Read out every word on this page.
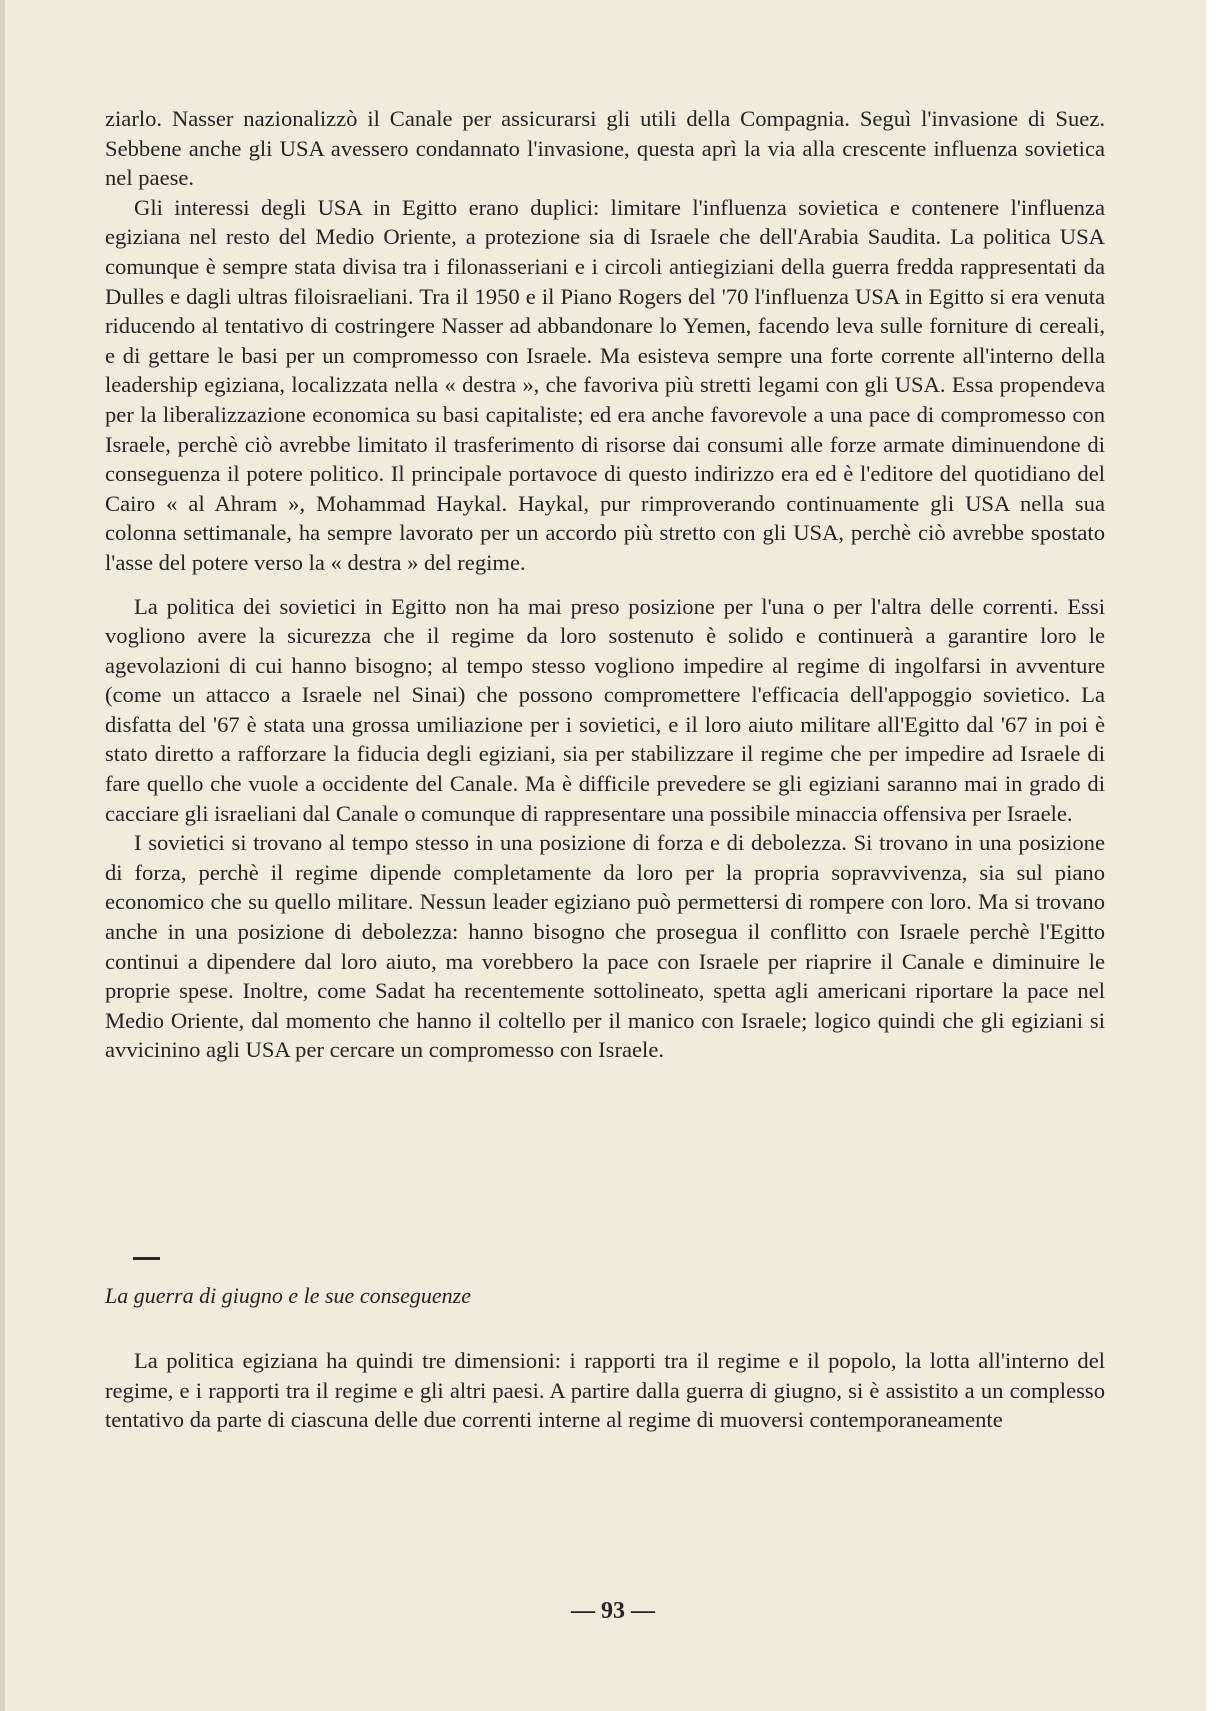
ziarlo. Nasser nazionalizzò il Canale per assicurarsi gli utili della Compagnia. Seguì l'invasione di Suez. Sebbene anche gli USA avessero condannato l'invasione, questa aprì la via alla crescente influenza sovietica nel paese.

Gli interessi degli USA in Egitto erano duplici: limitare l'influenza sovietica e contenere l'influenza egiziana nel resto del Medio Oriente, a protezione sia di Israele che dell'Arabia Saudita. La politica USA comunque è sempre stata divisa tra i filonasseriani e i circoli antiegiziani della guerra fredda rappresentati da Dulles e dagli ultras filoisraeliani. Tra il 1950 e il Piano Rogers del '70 l'influenza USA in Egitto si era venuta riducendo al tentativo di costringere Nasser ad abbandonare lo Yemen, facendo leva sulle forniture di cereali, e di gettare le basi per un compromesso con Israele. Ma esisteva sempre una forte corrente all'interno della leadership egiziana, localizzata nella « destra », che favoriva più stretti legami con gli USA. Essa propendeva per la liberalizzazione economica su basi capitaliste; ed era anche favorevole a una pace di compromesso con Israele, perchè ciò avrebbe limitato il trasferimento di risorse dai consumi alle forze armate diminuendone di conseguenza il potere politico. Il principale portavoce di questo indirizzo era ed è l'editore del quotidiano del Cairo « al Ahram », Mohammad Haykal. Haykal, pur rimproverando continuamente gli USA nella sua colonna settimanale, ha sempre lavorato per un accordo più stretto con gli USA, perchè ciò avrebbe spostato l'asse del potere verso la « destra » del regime.

La politica dei sovietici in Egitto non ha mai preso posizione per l'una o per l'altra delle correnti. Essi vogliono avere la sicurezza che il regime da loro sostenuto è solido e continuerà a garantire loro le agevolazioni di cui hanno bisogno; al tempo stesso vogliono impedire al regime di ingolfarsi in avventure (come un attacco a Israele nel Sinai) che possono compromettere l'efficacia dell'appoggio sovietico. La disfatta del '67 è stata una grossa umiliazione per i sovietici, e il loro aiuto militare all'Egitto dal '67 in poi è stato diretto a rafforzare la fiducia degli egiziani, sia per stabilizzare il regime che per impedire ad Israele di fare quello che vuole a occidente del Canale. Ma è difficile prevedere se gli egiziani saranno mai in grado di cacciare gli israeliani dal Canale o comunque di rappresentare una possibile minaccia offensiva per Israele.

I sovietici si trovano al tempo stesso in una posizione di forza e di debolezza. Si trovano in una posizione di forza, perchè il regime dipende completamente da loro per la propria sopravvivenza, sia sul piano economico che su quello militare. Nessun leader egiziano può permettersi di rompere con loro. Ma si trovano anche in una posizione di debolezza: hanno bisogno che prosegua il conflitto con Israele perchè l'Egitto continui a dipendere dal loro aiuto, ma vorebbero la pace con Israele per riaprire il Canale e diminuire le proprie spese. Inoltre, come Sadat ha recentemente sottolineato, spetta agli americani riportare la pace nel Medio Oriente, dal momento che hanno il coltello per il manico con Israele; logico quindi che gli egiziani si avvicinino agli USA per cercare un compromesso con Israele.

La guerra di giugno e le sue conseguenze

La politica egiziana ha quindi tre dimensioni: i rapporti tra il regime e il popolo, la lotta all'interno del regime, e i rapporti tra il regime e gli altri paesi. A partire dalla guerra di giugno, si è assistito a un complesso tentativo da parte di ciascuna delle due correnti interne al regime di muoversi contemporaneamente

— 93 —
